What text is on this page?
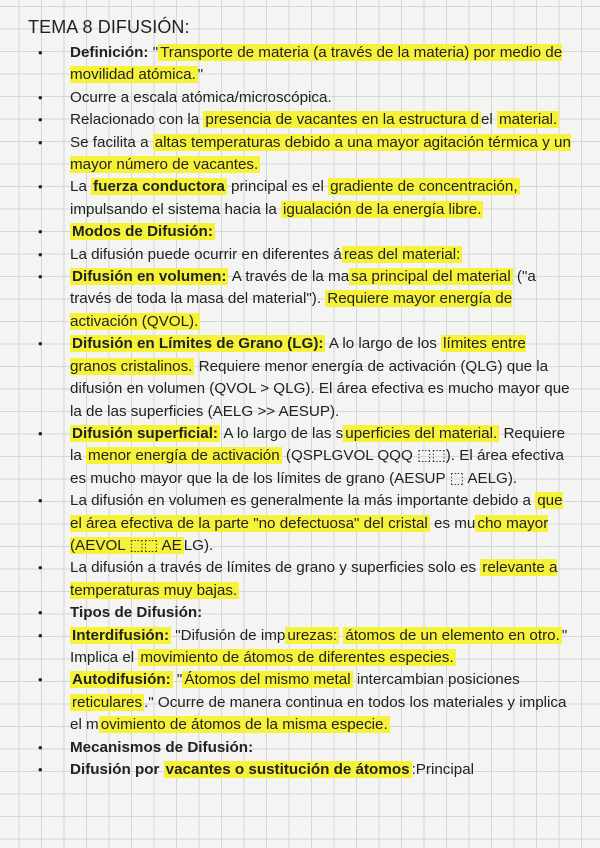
TEMA 8 DIFUSIÓN:
• Definición: " Transporte de materia (a través de la materia) por medio de movilidad atómica. "
• Ocurre a escala atómica/microscópica.
• Relacionado con la presencia de vacantes en la estructura d el material.
• Se facilita a altas temperaturas debido a una mayor agitación térmica y un mayor número de vacantes.
• La fuerza conductora principal es el gradiente de concentración, impulsando el sistema hacia la igualación de la energía libre.
• Modos de Difusión:
• La difusión puede ocurrir en diferentes á reas del material:
• Difusión en volumen: A través de la ma sa principal del material ("a través de toda la masa del material"). Requiere mayor energía de activación (QVOL).
• Difusión en Límites de Grano (LG): A lo largo de los límites entre granos cristalinos. Requiere menor energía de activación (QLG) que la difusión en volumen (QVOL > QLG). El área efectiva es mucho mayor que la de las superficies (AELG >> AESUP).
• Difusión superficial: A lo largo de las s uperficies del material. Requiere la menor energía de activación (QSPLGVOL QQQ ⬚⬚). El área efectiva es mucho mayor que la de los límites de grano (AESUP ⬚ AELG).
• La difusión en volumen es generalmente la más importante debido a que el área efectiva de la parte "no defectuosa" del cristal es mu cho mayor (AEVOL ⬚⬚ AE LG).
• La difusión a través de límites de grano y superficies solo es relevante a temperaturas muy bajas.
• Tipos de Difusión:
• Interdifusión: "Difusión de imp urezas: átomos de un elemento en otro. " Implica el movimiento de átomos de diferentes especies.
• Autodifusión: " Átomos del mismo metal intercambian posiciones reticulares ." Ocurre de manera continua en todos los materiales y implica el m ovimiento de átomos de la misma especie.
• Mecanismos de Difusión:
• Difusión por vacantes o sustitución de átomos :Principal
